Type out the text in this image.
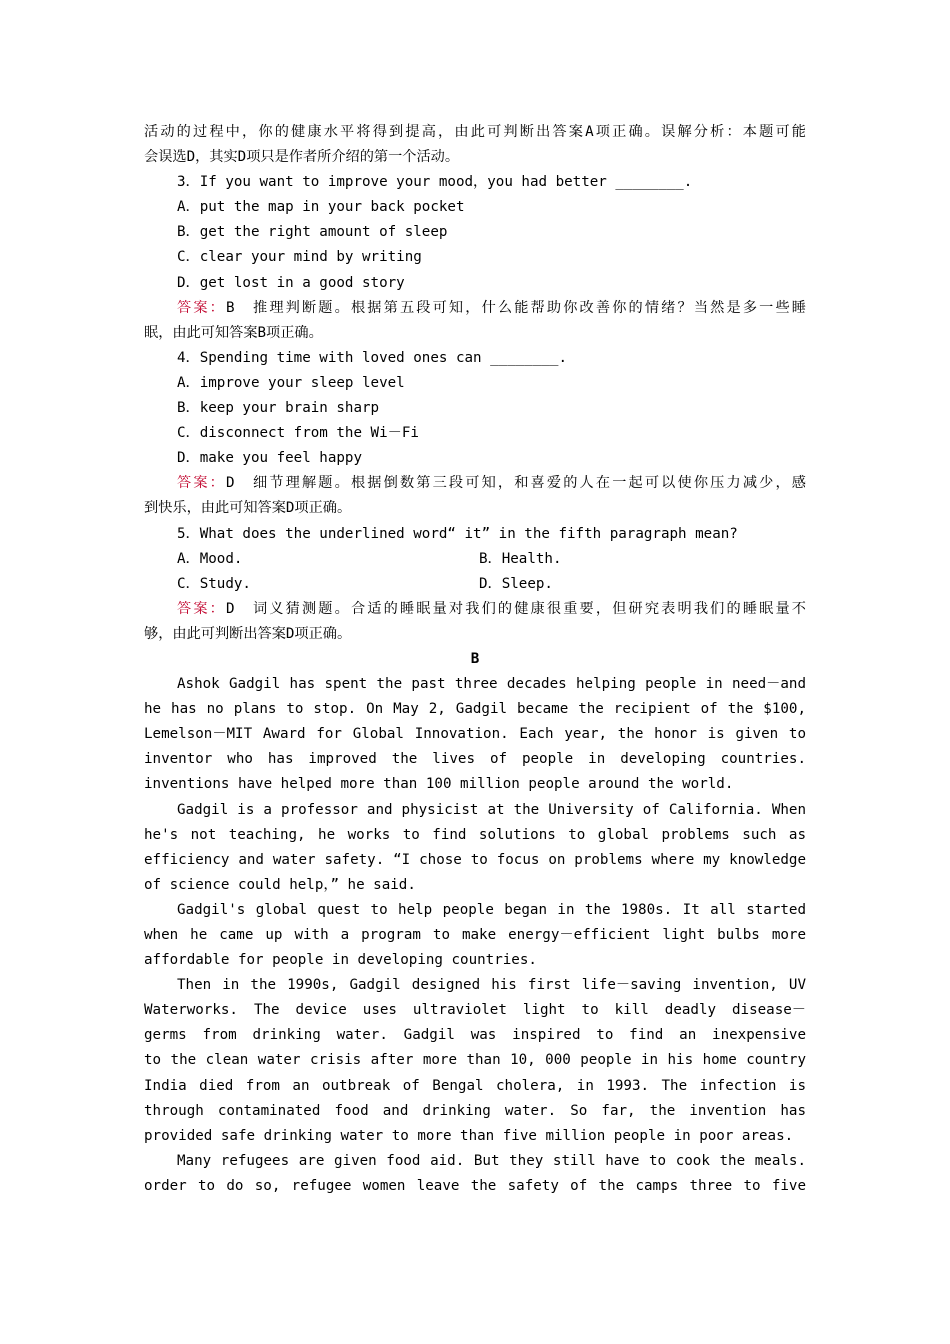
活动的过程中，你的健康水平将得到提高，由此可判断出答案A项正确。误解分析：本题可能
会误选D，其实D项只是作者所介绍的第一个活动。
3．If you want to improve your mood，you had better ________.
A．put the map in your back pocket
B．get the right amount of sleep
C．clear your mind by writing
D．get lost in a good story
答案：B　推理判断题。根据第五段可知，什么能帮助你改善你的情绪？当然是多一些睡
眠，由此可知答案B项正确。
4．Spending time with loved ones can ________.
A．improve your sleep level
B．keep your brain sharp
C．disconnect from the Wi－Fi
D．make you feel happy
答案：D　细节理解题。根据倒数第三段可知，和喜爱的人在一起可以使你压力减少，感
到快乐，由此可知答案D项正确。
5．What does the underlined word“ it” in the fifth paragraph mean?
A．Mood.	B．Health.
C．Study.	D．Sleep.
答案：D　词义猜测题。合适的睡眠量对我们的健康很重要，但研究表明我们的睡眠量不
够，由此可判断出答案D项正确。
B
Ashok Gadgil has spent the past three decades helping people in need－and
he has no plans to stop. On May 2, Gadgil became the recipient of the $100,
Lemelson－MIT Award for Global Innovation. Each year, the honor is given to
inventor who has improved the lives of people in developing countries.
inventions have helped more than 100 million people around the world.
Gadgil is a professor and physicist at the University of California. When
he's not teaching, he works to find solutions to global problems such as
efficiency and water safety. “I chose to focus on problems where my knowledge
of science could help，” he said.
Gadgil's global quest to help people began in the 1980s. It all started
when he came up with a program to make energy－efficient light bulbs more
affordable for people in developing countries.
Then in the 1990s, Gadgil designed his first life－saving invention, UV
Waterworks. The device uses ultraviolet light to kill deadly disease－
germs from drinking water. Gadgil was inspired to find an inexpensive
to the clean water crisis after more than 10, 000 people in his home country
India died from an outbreak of Bengal cholera, in 1993. The infection is
through contaminated food and drinking water. So far, the invention has
provided safe drinking water to more than five million people in poor areas.
Many refugees are given food aid. But they still have to cook the meals.
order to do so, refugee women leave the safety of the camps three to five
